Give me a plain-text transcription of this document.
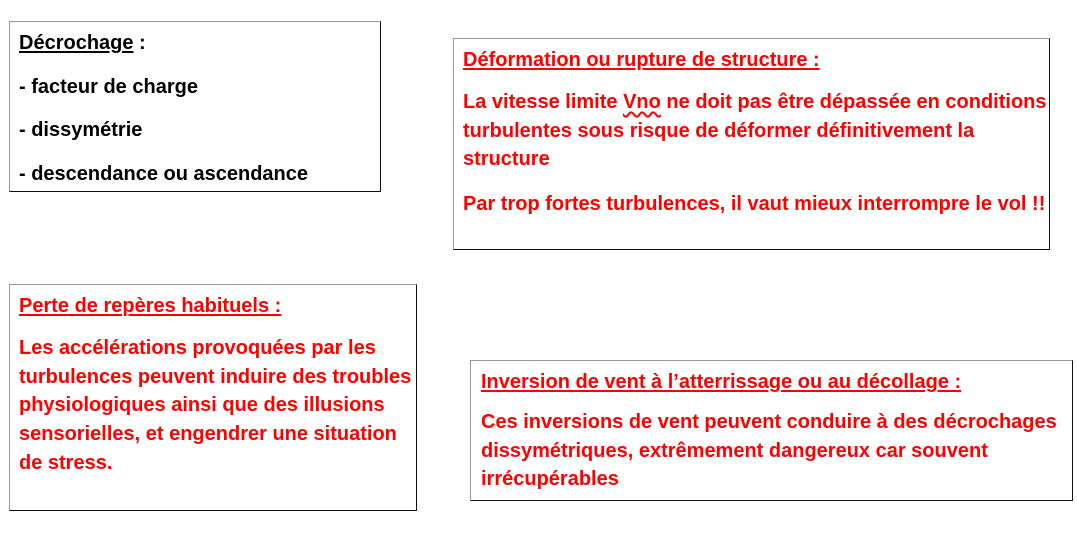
Décrochage :

- facteur de charge

- dissymétrie

- descendance ou ascendance

Déformation ou rupture de structure :

La vitesse limite Vno ne doit pas être dépassée en conditions turbulentes sous risque de déformer définitivement la structure

Par trop fortes turbulences, il vaut mieux interrompre le vol !!

Perte de repères habituels :

Les accélérations provoquées par les turbulences peuvent induire des troubles physiologiques ainsi que des illusions sensorielles, et engendrer une situation de stress.

Inversion de vent à l’atterrissage ou au décollage :

Ces inversions de vent peuvent conduire à des décrochages dissymétriques, extrêmement dangereux car souvent irrécupérables
